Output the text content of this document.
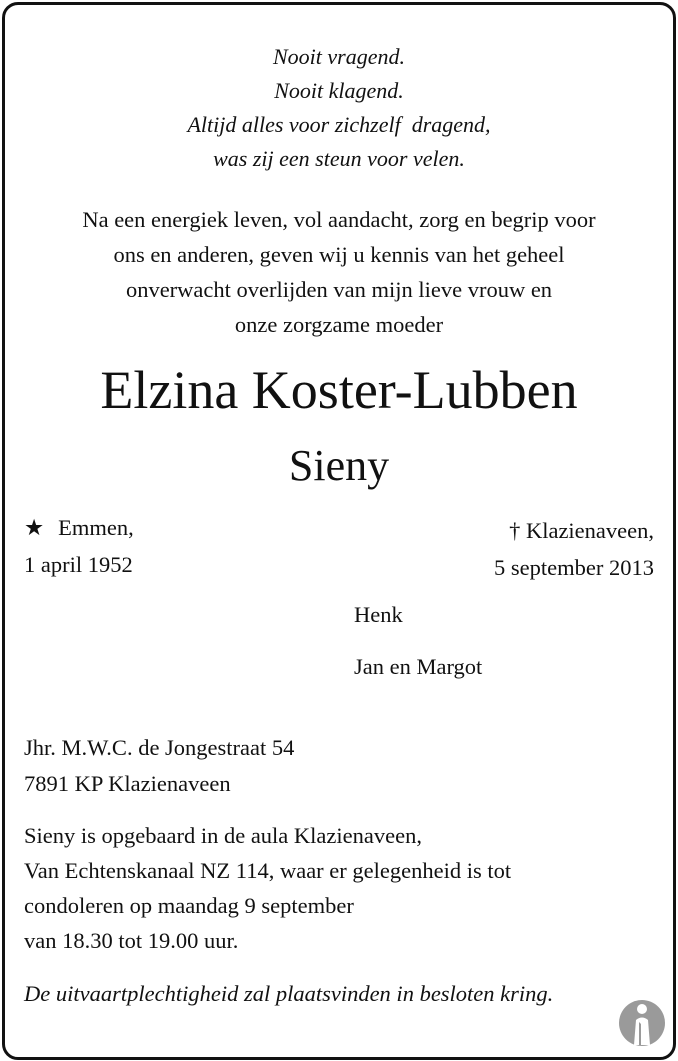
Nooit vragend.
Nooit klagend.
Altijd alles voor zichzelf  dragend,
was zij een steun voor velen.
Na een energiek leven, vol aandacht, zorg en begrip voor
ons en anderen, geven wij u kennis van het geheel
onverwacht overlijden van mijn lieve vrouw en
onze zorgzame moeder
Elzina Koster-Lubben
Sieny
★ Emmen,
1 april 1952
† Klazienaveen,
5 september 2013
Henk
Jan en Margot
Jhr. M.W.C. de Jongestraat 54
7891 KP Klazienaveen
Sieny is opgebaard in de aula Klazienaveen,
Van Echtenskanaal NZ 114, waar er gelegenheid is tot
condoleren op maandag 9 september
van 18.30 tot 19.00 uur.
De uitvaartplechtigheid zal plaatsvinden in besloten kring.
